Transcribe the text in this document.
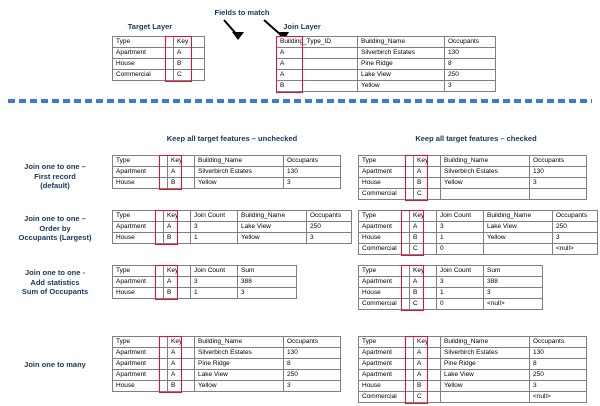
Target Layer
Fields to match
Join Layer
Type	Key
Apartment	A
House	B
Commercial	C
Building_Type_ID	Building_Name	Occupants
A	Silverbirch Estates	130
A	Pine Ridge	8
A	Lake View	250
B	Yellow	3
Keep all target features – unchecked	Keep all target features – checked
Join one to one –
First record
(default)
Type	Key	Building_Name	Occupants
Apartment	A	Silverbirch Estates	130
House	B	Yellow	3
Type	Key	Building_Name	Occupants
Apartment	A	Silverbirch Estates	130
House	B	Yellow	3
Commercial	C		
Join one to one –
Order by
Occupants (Largest)
Type	Key	Join Count	Building_Name	Occupants
Apartment	A	3	Lake View	250
House	B	1	Yellow	3
Type	Key	Join Count	Building_Name	Occupants
Apartment	A	3	Lake View	250
House	B	1	Yellow	3
Commercial	C	0		<null>
Join one to one -
Add statistics
Sum of Occupants
Type	Key	Join Count	Sum
Apartment	A	3	388
House	B	1	3
Type	Key	Join Count	Sum
Apartment	A	3	388
House	B	1	3
Commercial	C	0	<null>
Join one to many
Type	Key	Building_Name	Occupants
Apartment	A	Silverbirch Estates	130
Apartment	A	Pine Ridge	8
Apartment	A	Lake View	250
House	B	Yellow	3
Type	Key	Building_Name	Occupants
Apartment	A	Silverbirch Estates	130
Apartment	A	Pine Ridge	8
Apartment	A	Lake View	250
House	B	Yellow	3
Commercial	C		<null>
